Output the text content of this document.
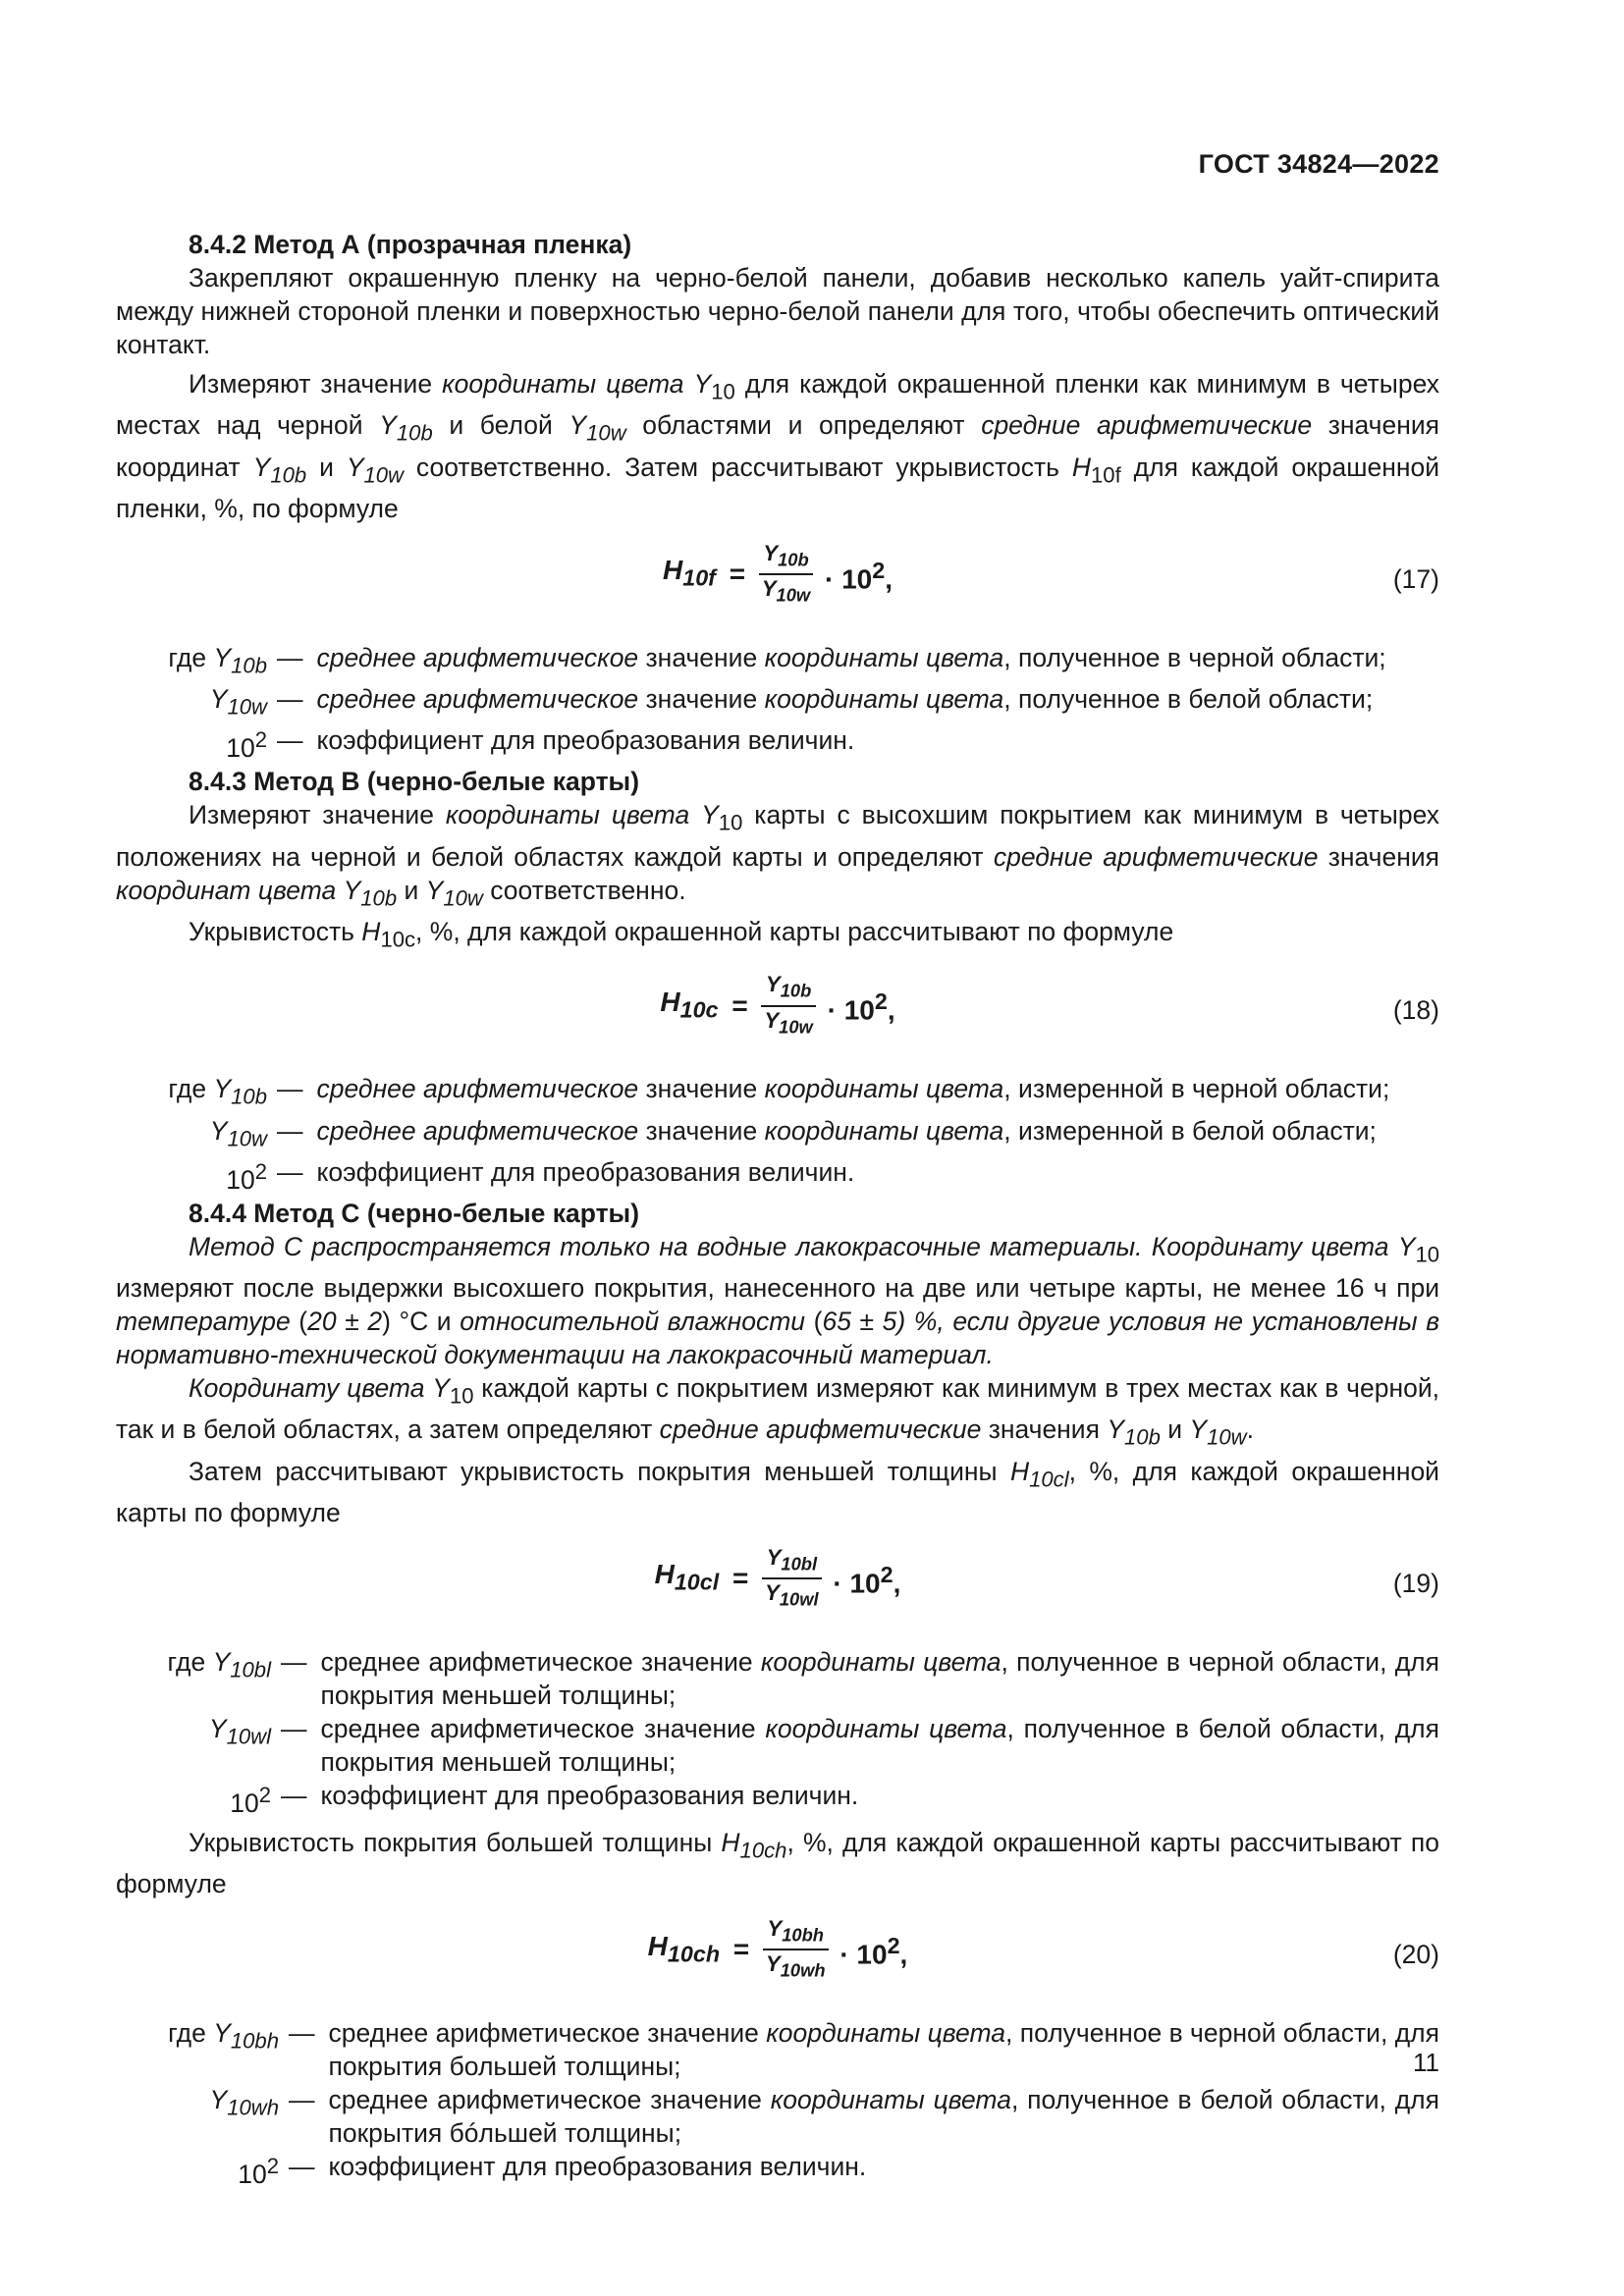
ГОСТ 34824—2022

8.4.2 Метод А (прозрачная пленка)

Закрепляют окрашенную пленку на черно-белой панели, добавив несколько капель уайт-спирита между нижней стороной пленки и поверхностью черно-белой панели для того, чтобы обеспечить оптический контакт.

Измеряют значение координаты цвета $Y_{10}$ для каждой окрашенной пленки как минимум в четырех местах над черной $Y_{10b}$ и белой $Y_{10w}$ областями и определяют средние арифметические значения координат $Y_{10b}$ и $Y_{10w}$ соответственно. Затем рассчитывают укрывистость $H_{10f}$ для каждой окрашенной пленки, %, по формуле

$H_{10f} = \frac{Y_{10b}}{Y_{10w}} \cdot 10^2$,	(17)
где $Y_{10b}$ — среднее арифметическое значение координаты цвета, полученное в черной области;
$Y_{10w}$ — среднее арифметическое значение координаты цвета, полученное в белой области;
$10^2$ — коэффициент для преобразования величин.

8.4.3 Метод В (черно-белые карты)

Измеряют значение координаты цвета $Y_{10}$ карты с высохшим покрытием как минимум в четырех положениях на черной и белой областях каждой карты и определяют средние арифметические значения координат цвета $Y_{10b}$ и $Y_{10w}$ соответственно.

Укрывистость $H_{10c}$, %, для каждой окрашенной карты рассчитывают по формуле

$H_{10c} = \frac{Y_{10b}}{Y_{10w}} \cdot 10^2$,	(18)
где $Y_{10b}$ — среднее арифметическое значение координаты цвета, измеренной в черной области;
$Y_{10w}$ — среднее арифметическое значение координаты цвета, измеренной в белой области;
$10^2$ — коэффициент для преобразования величин.

8.4.4 Метод С (черно-белые карты)

Метод С распространяется только на водные лакокрасочные материалы. Координату цвета $Y_{10}$ измеряют после выдержки высохшего покрытия, нанесенного на две или четыре карты, не менее 16 ч при температуре (20 ± 2) °С и относительной влажности (65 ± 5) %, если другие условия не установлены в нормативно-технической документации на лакокрасочный материал.

Координату цвета $Y_{10}$ каждой карты с покрытием измеряют как минимум в трех местах как в черной, так и в белой областях, а затем определяют средние арифметические значения $Y_{10b}$ и $Y_{10w}$.

Затем рассчитывают укрывистость покрытия меньшей толщины $H_{10cl}$, %, для каждой окрашенной карты по формуле

$H_{10cl} = \frac{Y_{10bl}}{Y_{10wl}} \cdot 10^2$,	(19)
где $Y_{10bl}$ — среднее арифметическое значение координаты цвета, полученное в черной области, для покрытия меньшей толщины;
$Y_{10wl}$ — среднее арифметическое значение координаты цвета, полученное в белой области, для покрытия меньшей толщины;
$10^2$ — коэффициент для преобразования величин.

Укрывистость покрытия большей толщины $H_{10ch}$, %, для каждой окрашенной карты рассчитывают по формуле

$H_{10ch} = \frac{Y_{10bh}}{Y_{10wh}} \cdot 10^2$,	(20)
где $Y_{10bh}$ — среднее арифметическое значение координаты цвета, полученное в черной области, для покрытия большей толщины;
$Y_{10wh}$ — среднее арифметическое значение координаты цвета, полученное в белой области, для покрытия бóльшей толщины;
$10^2$ — коэффициент для преобразования величин.
11
